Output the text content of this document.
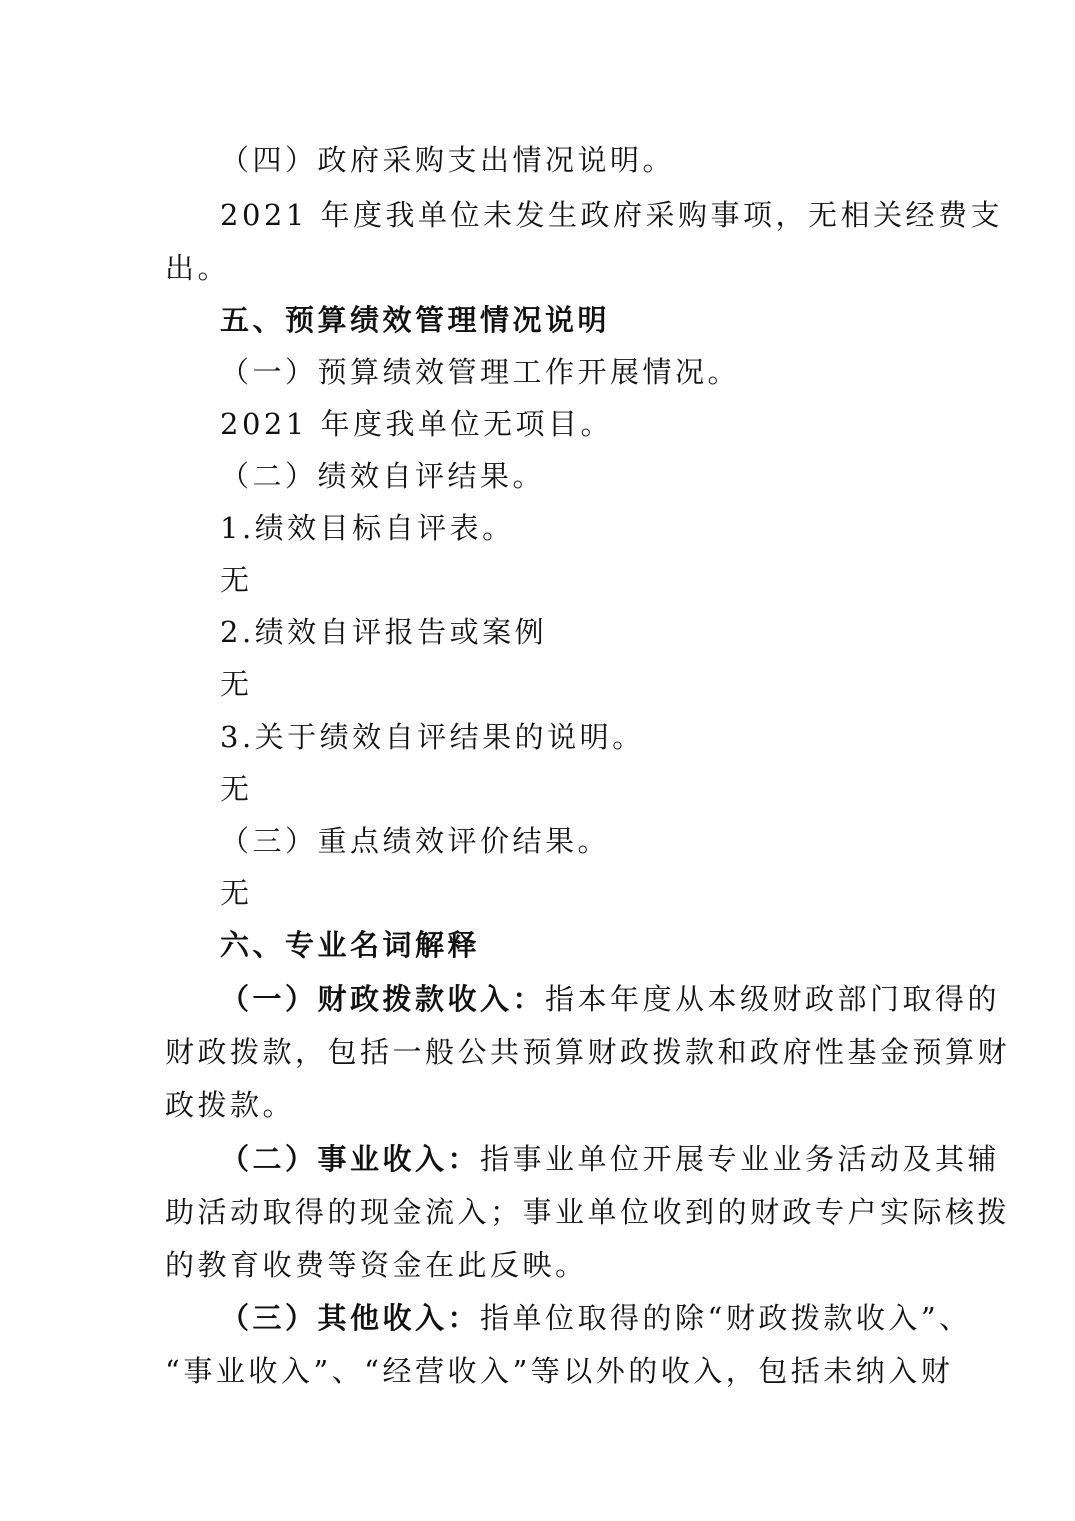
（四）政府采购支出情况说明。
2021 年度我单位未发生政府采购事项，无相关经费支
出。
五、预算绩效管理情况说明
（一）预算绩效管理工作开展情况。
2021 年度我单位无项目。
（二）绩效自评结果。
1.绩效目标自评表。
无
2.绩效自评报告或案例
无
3.关于绩效自评结果的说明。
无
（三）重点绩效评价结果。
无
六、专业名词解释
（一）财政拨款收入：指本年度从本级财政部门取得的
财政拨款，包括一般公共预算财政拨款和政府性基金预算财
政拨款。
（二）事业收入：指事业单位开展专业业务活动及其辅
助活动取得的现金流入；事业单位收到的财政专户实际核拨
的教育收费等资金在此反映。
（三）其他收入：指单位取得的除“财政拨款收入”、
“事业收入”、“经营收入”等以外的收入，包括未纳入财
